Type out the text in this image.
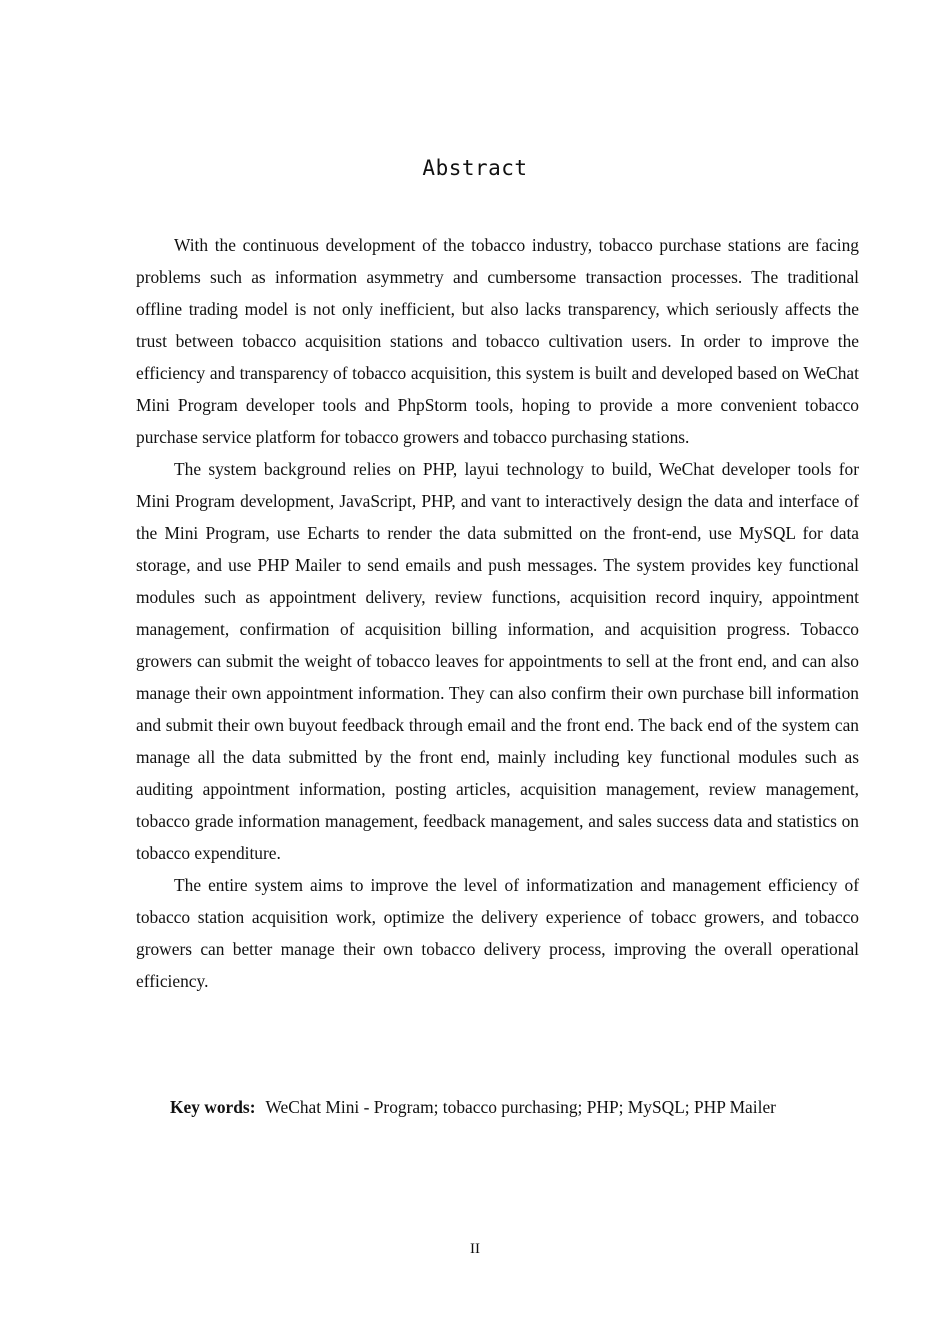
Abstract

With the continuous development of the tobacco industry, tobacco purchase stations are facing problems such as information asymmetry and cumbersome transaction processes. The traditional offline trading model is not only inefficient, but also lacks transparency, which seriously affects the trust between tobacco acquisition stations and tobacco cultivation users. In order to improve the efficiency and transparency of tobacco acquisition, this system is built and developed based on WeChat Mini Program developer tools and PhpStorm tools, hoping to provide a more convenient tobacco purchase service platform for tobacco growers and tobacco purchasing stations.

The system background relies on PHP, layui technology to build, WeChat developer tools for Mini Program development, JavaScript, PHP, and vant to interactively design the data and interface of the Mini Program, use Echarts to render the data submitted on the front-end, use MySQL for data storage, and use PHP Mailer to send emails and push messages. The system provides key functional modules such as appointment delivery, review functions, acquisition record inquiry, appointment management, confirmation of acquisition billing information, and acquisition progress. Tobacco growers can submit the weight of tobacco leaves for appointments to sell at the front end, and can also manage their own appointment information. They can also confirm their own purchase bill information and submit their own buyout feedback through email and the front end. The back end of the system can manage all the data submitted by the front end, mainly including key functional modules such as auditing appointment information, posting articles, acquisition management, review management, tobacco grade information management, feedback management, and sales success data and statistics on tobacco expenditure.

The entire system aims to improve the level of informatization and management efficiency of tobacco station acquisition work, optimize the delivery experience of tobacc growers, and tobacco growers can better manage their own tobacco delivery process, improving the overall operational efficiency.

Key words: WeChat Mini - Program; tobacco purchasing; PHP; MySQL; PHP Mailer
II
